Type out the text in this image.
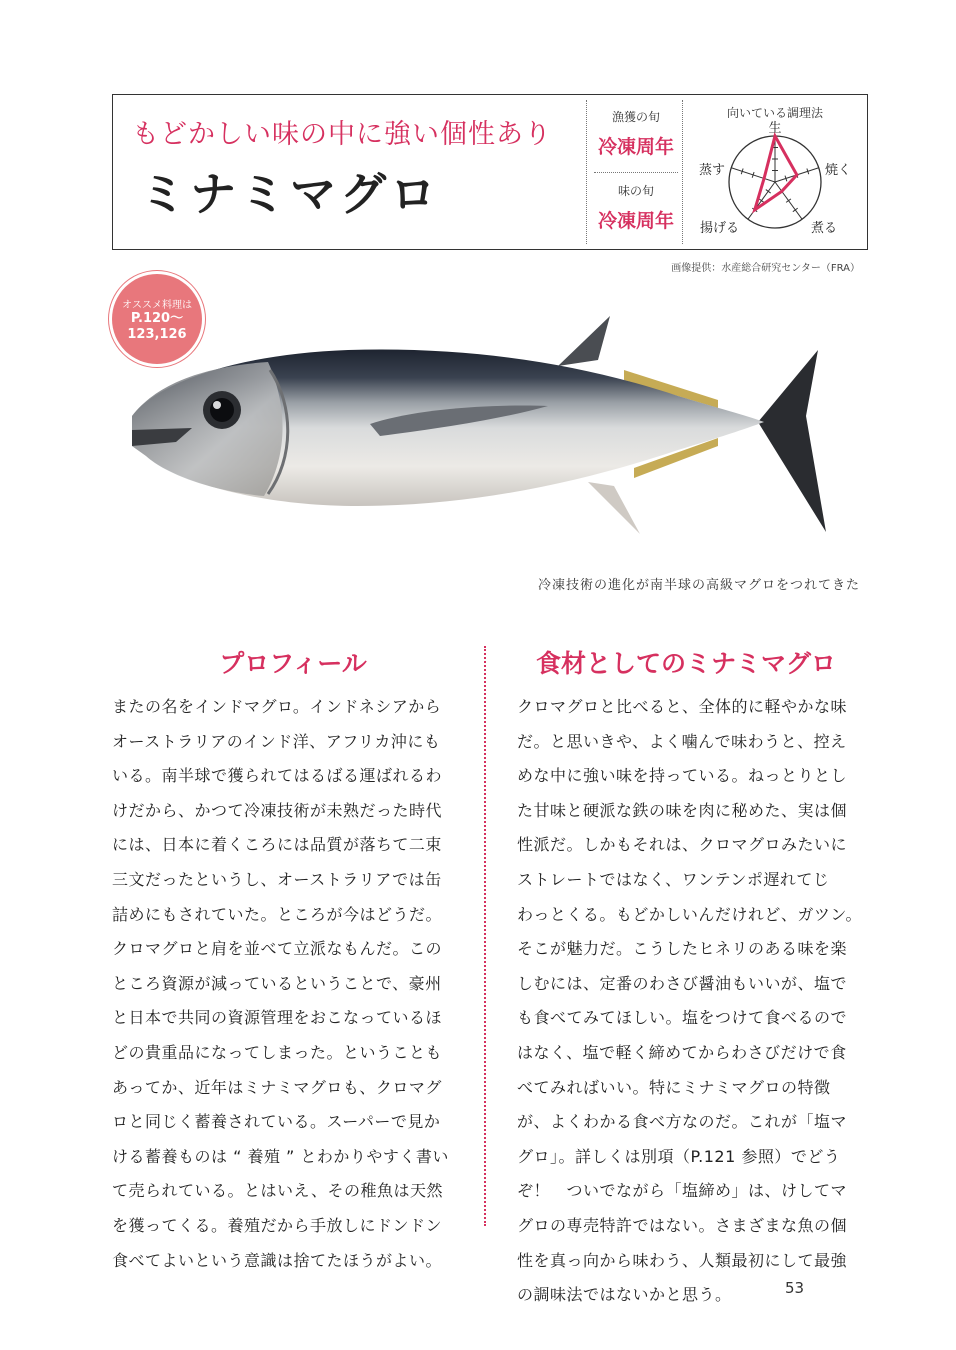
もどかしい味の中に強い個性あり
ミナミマグロ
漁獲の旬
冷凍周年
味の旬
冷凍周年
向いている調理法
生
焼く
煮る
揚げる
蒸す
画像提供：水産総合研究センター（FRA）
オススメ料理は
P.120～
123,126
冷凍技術の進化が南半球の高級マグロをつれてきた
プロフィール
またの名をインドマグロ。インドネシアから
オーストラリアのインド洋、アフリカ沖にも
いる。南半球で獲られてはるばる運ばれるわ
けだから、かつて冷凍技術が未熟だった時代
には、日本に着くころには品質が落ちて二束
三文だったというし、オーストラリアでは缶
詰めにもされていた。ところが今はどうだ。
クロマグロと肩を並べて立派なもんだ。この
ところ資源が減っているということで、豪州
と日本で共同の資源管理をおこなっているほ
どの貴重品になってしまった。ということも
あってか、近年はミナミマグロも、クロマグ
ロと同じく蓄養されている。スーパーで見か
ける蓄養ものは “ 養殖 ” とわかりやすく書い
て売られている。とはいえ、その稚魚は天然
を獲ってくる。養殖だから手放しにドンドン
食べてよいという意識は捨てたほうがよい。
食材としてのミナミマグロ
クロマグロと比べると、全体的に軽やかな味
だ。と思いきや、よく噛んで味わうと、控え
めな中に強い味を持っている。ねっとりとし
た甘味と硬派な鉄の味を肉に秘めた、実は個
性派だ。しかもそれは、クロマグロみたいに
ストレートではなく、ワンテンポ遅れてじ
わっとくる。もどかしいんだけれど、ガツン。
そこが魅力だ。こうしたヒネリのある味を楽
しむには、定番のわさび醤油もいいが、塩で
も食べてみてほしい。塩をつけて食べるので
はなく、塩で軽く締めてからわさびだけで食
べてみればいい。特にミナミマグロの特徴
が、よくわかる食べ方なのだ。これが「塩マ
グロ」。詳しくは別項（P.121 参照）でどう
ぞ！　ついでながら「塩締め」は、けしてマ
グロの専売特許ではない。さまざまな魚の個
性を真っ向から味わう、人類最初にして最強
の調味法ではないかと思う。	53
